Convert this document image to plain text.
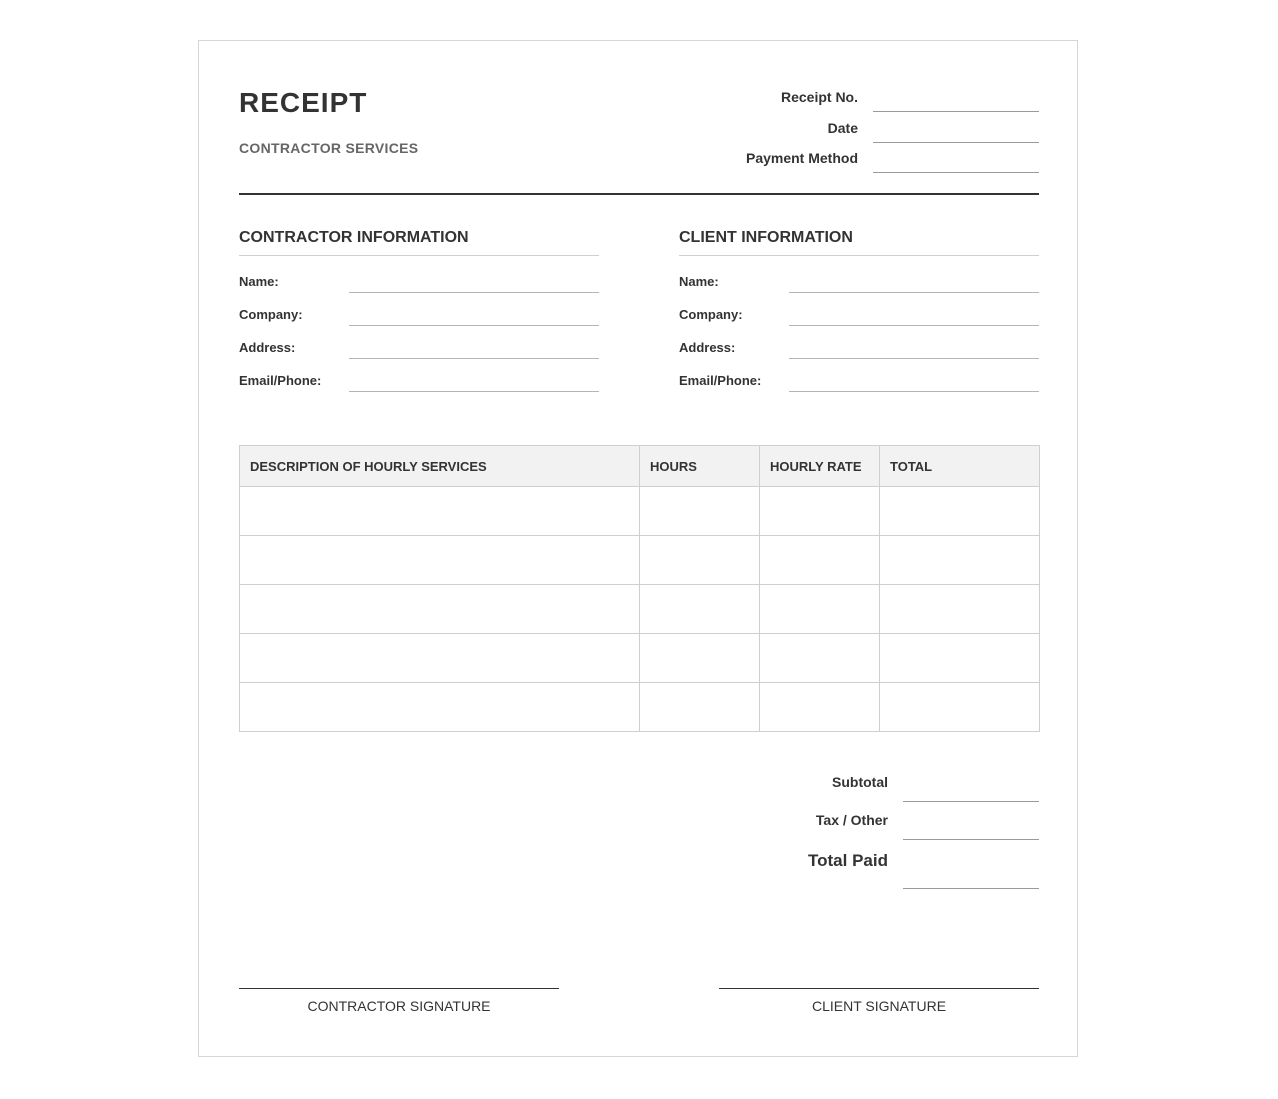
RECEIPT
CONTRACTOR SERVICES
Receipt No.
Date
Payment Method
CONTRACTOR INFORMATION
Name:
Company:
Address:
Email/Phone:
CLIENT INFORMATION
Name:
Company:
Address:
Email/Phone:
DESCRIPTION OF HOURLY SERVICES	HOURS	HOURLY RATE	TOTAL

Subtotal
Tax / Other
Total Paid
CONTRACTOR SIGNATURE	CLIENT SIGNATURE
